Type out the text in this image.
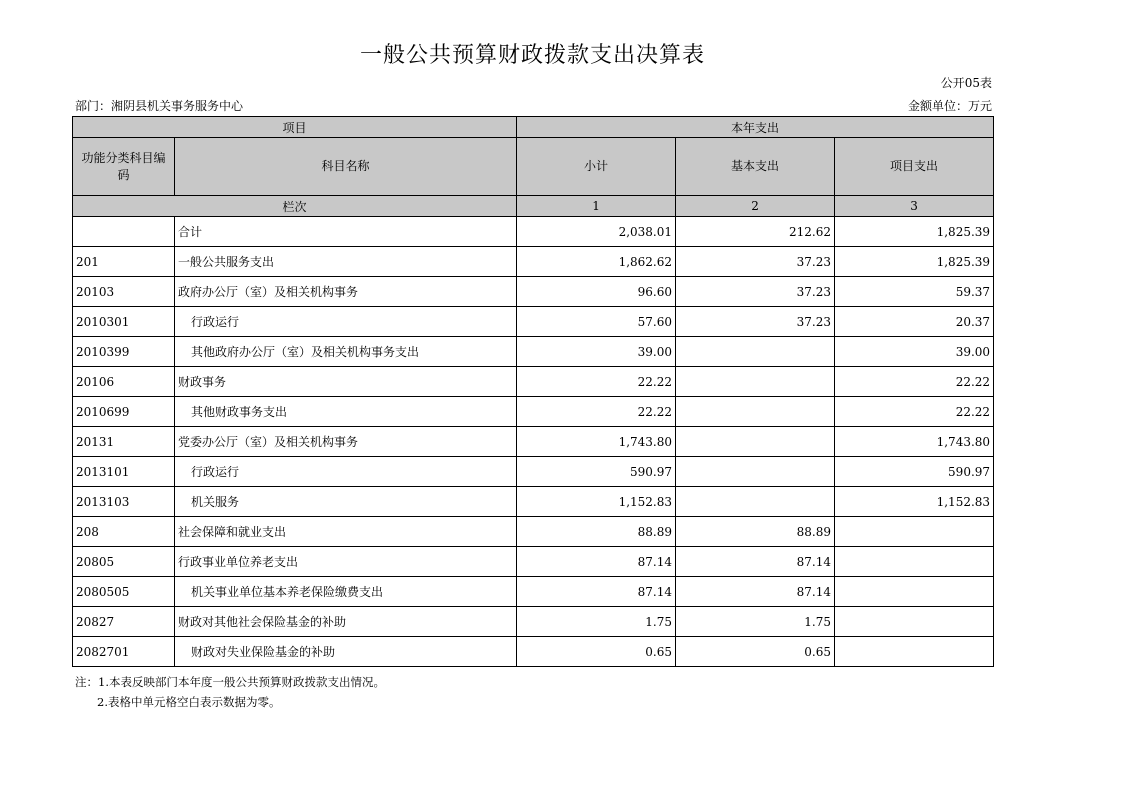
一般公共预算财政拨款支出决算表
公开05表
部门：湘阴县机关事务服务中心	金额单位：万元
项目		本年支出		
功能分类科目编码	科目名称	小计	基本支出	项目支出
栏次		1	2	3
	合计	2,038.01	212.62	1,825.39
201	一般公共服务支出	1,862.62	37.23	1,825.39
20103	政府办公厅（室）及相关机构事务	96.60	37.23	59.37
2010301	行政运行	57.60	37.23	20.37
2010399	其他政府办公厅（室）及相关机构事务支出	39.00		39.00
20106	财政事务	22.22		22.22
2010699	其他财政事务支出	22.22		22.22
20131	党委办公厅（室）及相关机构事务	1,743.80		1,743.80
2013101	行政运行	590.97		590.97
2013103	机关服务	1,152.83		1,152.83
208	社会保障和就业支出	88.89	88.89	
20805	行政事业单位养老支出	87.14	87.14	
2080505	机关事业单位基本养老保险缴费支出	87.14	87.14	
20827	财政对其他社会保险基金的补助	1.75	1.75	
2082701	财政对失业保险基金的补助	0.65	0.65	
注：1.本表反映部门本年度一般公共预算财政拨款支出情况。
2.表格中单元格空白表示数据为零。
